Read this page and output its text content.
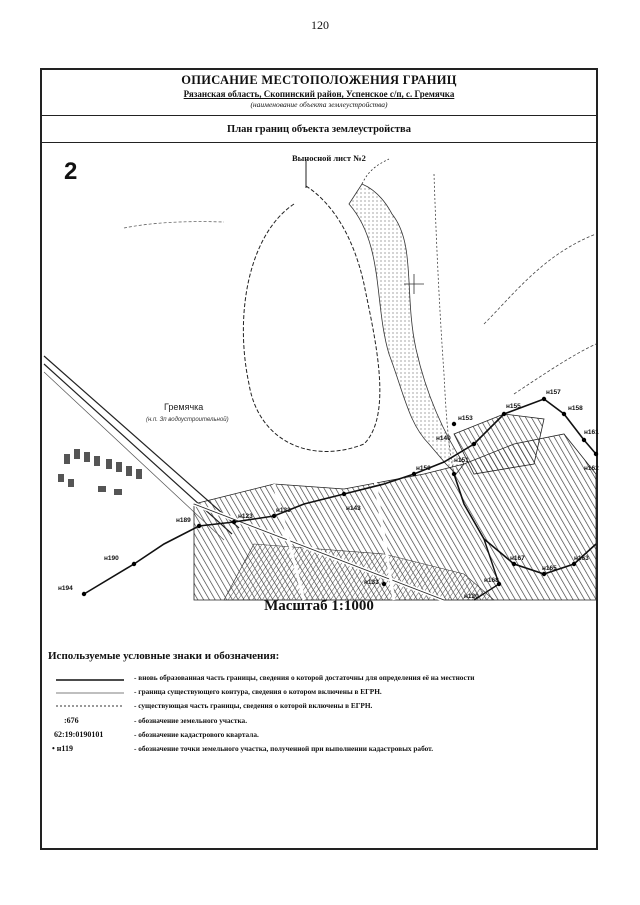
120
ОПИСАНИЕ МЕСТОПОЛОЖЕНИЯ ГРАНИЦ
Рязанская область, Скопинский район, Успенское с/п, с. Гремячка
(наименование объекта землеустройства)
План границ объекта землеустройства
н155
н157
н153
н140
н151
н158
н161
н162
н163
н165
н167
н168
н120
н123
н133
н189
н190
н194
н150
н143
н133
Гремячка
(н.п. Зп водоустроительной)
2	Выносной лист №2
Масштаб 1:1000
Используемые условные знаки и обозначения:
- вновь образованная часть границы, сведения о которой достаточны для определения её на местности
- граница существующего контура, сведения о котором включены в ЕГРН.
- существующая часть границы, сведения о которой включены в ЕГРН.
:676	- обозначение земельного участка.
62:19:0190101	- обозначение кадастрового квартала.
• н119	- обозначение точки земельного участка, полученной при выполнении кадастровых работ.
